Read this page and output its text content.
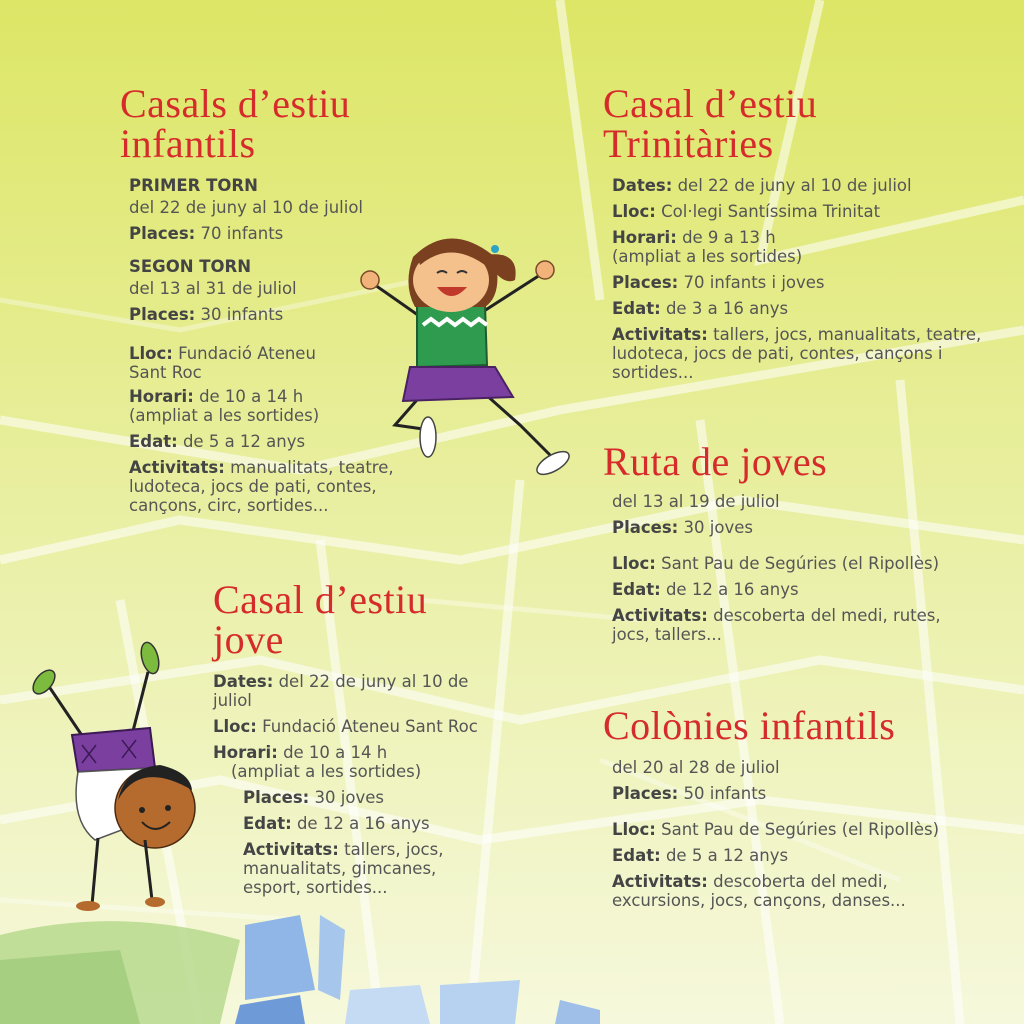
Casals d’estiu
infantils
PRIMER TORN
del 22 de juny al 10 de juliol
Places: 70 infants
SEGON TORN
del 13 al 31 de juliol
Places: 30 infants
Lloc: Fundació Ateneu
Sant Roc
Horari: de 10 a 14 h
(ampliat a les sortides)
Edat: de 5 a 12 anys
Activitats: manualitats, teatre,
ludoteca, jocs de pati, contes,
cançons, circ, sortides...
Casal d’estiu
Trinitàries
Dates: del 22 de juny al 10 de juliol
Lloc: Col·legi Santíssima Trinitat
Horari: de 9 a 13 h
(ampliat a les sortides)
Places: 70 infants i joves
Edat: de 3 a 16 anys
Activitats: tallers, jocs, manualitats, teatre,
ludoteca, jocs de pati, contes, cançons i
sortides...
Ruta de joves
del 13 al 19 de juliol
Places: 30 joves
Lloc: Sant Pau de Segúries (el Ripollès)
Edat: de 12 a 16 anys
Activitats: descoberta del medi, rutes,
jocs, tallers...
Casal d’estiu
jove
Dates: del 22 de juny al 10 de
juliol
Lloc: Fundació Ateneu Sant Roc
Horari: de 10 a 14 h
(ampliat a les sortides)
Places: 30 joves
Edat: de 12 a 16 anys
Activitats: tallers, jocs,
manualitats, gimcanes,
esport, sortides...
Colònies infantils
del 20 al 28 de juliol
Places: 50 infants
Lloc: Sant Pau de Segúries (el Ripollès)
Edat: de 5 a 12 anys
Activitats: descoberta del medi,
excursions, jocs, cançons, danses...
